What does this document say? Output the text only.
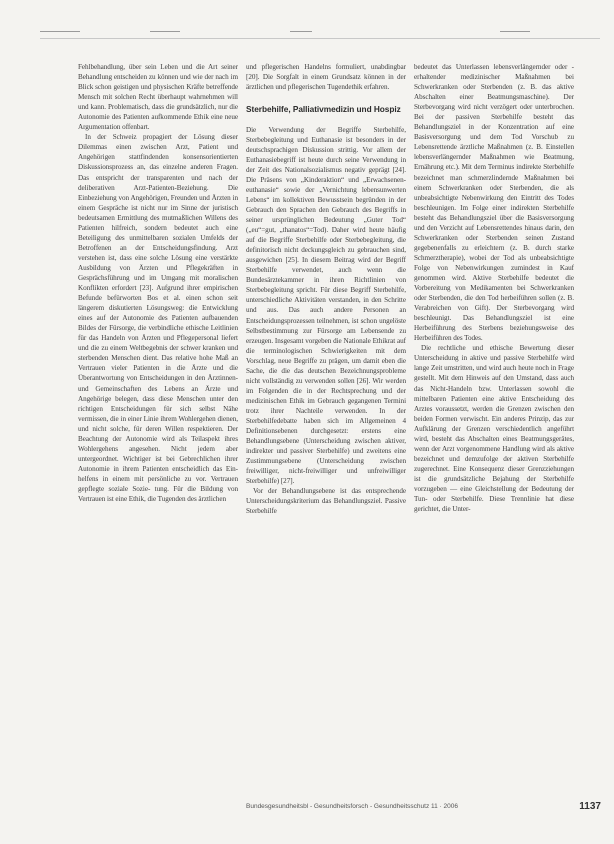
Fehlbehandlung, über sein Leben und die Art seiner Behandlung entscheiden zu können und wie der nach im Blick schon geistigen und physischen Kräfte betreffende Mensch mit solchen Recht überhaupt wahrnehmen will und kann. Problematisch, dass die grundsätzlich, nur die Autonomie des Patienten aufkommende Ethik eine neue Argumentation offenbart.

In der Schweiz propagiert der Lösung dieser Dilemmas einen zwischen Arzt, Patient und Angehörigen stattfindenden konsensorientierten Diskussionsprozess an, das einzelne anderen Fragen. Das entspricht der transparenten und nach der deliberativen Arzt-Patienten-Beziehung. Die Einbeziehung von Angehörigen, Freunden und Ärzten in einem Gespräche ist nicht nur im Sinne der juristisch bedeutsamen Ermittlung des mutmaßlichen Willens des Patienten hilfreich, sondern bedeutet auch eine Beteiligung des unmittelbaren sozialen Umfelds der Betroffenen an der Entscheidungsfindung. Arzt verstehen ist, dass eine solche Lösung eine verstärkte Ausbildung von Ärzten und Pflegekräften in Gesprächsführung und im Umgang mit moralischen Konflikten erfordert [23]. Aufgrund ihrer empirischen Befunde befürworten Bos et al. einen schon seit längerem diskutierten Lösungsweg: die Entwicklung eines auf der Autonomie des Patienten aufbauenden Bildes der Fürsorge, die verbindliche ethische Leitlinien für das Handeln von Ärzten und Pflegepersonal liefert und die zu einem Weltbegebnis der schwer kranken und sterbenden Menschen dient. Das relative hohe Maß an Vertrauen vieler Patienten in die Ärzte und die Überantwortung von Entscheidungen in den Ärztinnen- und Gemeinschaften des Lebens an Ärzte und Angehörige belegen, dass diese Menschen unter den richtigen Entscheidungen für sich selbst Nähe vermissen, die in einer Linie ihrem Wohlergehen dienen, und nicht solche, für deren Willen respektieren. Der Beachtung der Autonomie wird als Teilaspekt ihres Wohlergehens angesehen. Nicht jedem aber untergeordnet. Wichtiger ist bei Gebrechlichen ihrer Autonomie in ihrem Patienten entscheidlich das Ein- helfens in einem mit persönliche zu vor. Vertrauen gepflegte soziale Sozie- tung. Für die Bildung von Vertrauen ist eine Ethik, die Tugenden des ärztlichen

und pflegerischen Handelns formuliert, unabdingbar [20]. Die Sorgfalt in einem Grundsatz können in der ärztlichen und pflegerischen Tugendethik erfahren.

Sterbehilfe, Palliativmedizin und Hospiz

Die Verwendung der Begriffe Sterbehilfe, Sterbebegleitung und Euthanasie ist besonders in der deutschsprachigen Diskussion strittig. Vor allem der Euthanasiebegriff ist heute durch seine Verwendung in der Zeit des Nationalsozialismus negativ geprägt [24]. Die Präsens von „Kinderaktion“ und „Erwachsenen-euthanasie“ sowie der „Vernichtung lebensunwerten Lebens“ im kollektiven Bewusstsein begründen in der Gebrauch den Sprachen den Gebrauch des Begriffs in seiner ursprünglichen Bedeutung „Guter Tod“ („eu“=gut, „thanatos“=Tod). Daher wird heute häufig auf die Begriffe Sterbehilfe oder Sterbebegleitung, die definitorisch nicht deckungsgleich zu gebrauchen sind, ausgewichen [25]. In diesem Beitrag wird der Begriff Sterbehilfe verwendet, auch wenn die Bundesärztekammer in ihren Richtlinien von Sterbebegleitung spricht. Für diese Begriff Sterbehilfe, unterschiedliche Aktivitäten verstanden, in den Schritte und aus. Das auch andere Personen an Entscheidungsprozessen teilnehmen, ist schon ungelöste Selbstbestimmung zur Fürsorge am Lebensende zu erzeugen. Insgesamt vorgeben die Nationale Ethikrat auf die terminologischen Schwierigkeiten mit dem Vorschlag, neue Begriffe zu prägen, um damit eben die Sache, die die das deutschen Bezeichnungsprobleme nicht vollständig zu verwenden sollen [26]. Wir werden im Folgenden die in der Rechtsprechung und der medizinischen Ethik im Gebrauch gegangenen Termini trotz ihrer Nachteile verwenden. In der Sterbehilfedebatte haben sich im Allgemeinen 4 Definitionsebenen durchgesetzt: erstens eine Behandlungsebene (Unterscheidung zwischen aktiver, indirekter und passiver Sterbehilfe) und zweitens eine Zustimmungsebene (Unterscheidung zwischen freiwilliger, nicht-freiwilliger und unfreiwilliger Sterbehilfe) [27].

Vor der Behandlungsebene ist das entsprechende Unterscheidungskriterium das Behandlungsziel. Passive Sterbehilfe

bedeutet das Unterlassen lebensverlängernder oder -erhaltender medizinischer Maßnahmen bei Schwerkranken oder Sterbenden (z. B. das aktive Abschalten einer Beatmungsmaschine). Der Sterbevorgang wird nicht verzögert oder unterbrochen. Bei der passiven Sterbehilfe besteht das Behandlungsziel in der Konzentration auf eine Basisversorgung und dem Tod Vorschub zu Lebensrettende ärztliche Maßnahmen (z. B. Einstellen lebensverlängernder Maßnahmen wie Beatmung, Ernährung etc.). Mit dem Terminus indirekte Sterbehilfe bezeichnet man schmerzlindernde Maßnahmen bei einem Schwerkranken oder Sterbenden, die als unbeabsichtigte Nebenwirkung den Eintritt des Todes beschleunigen. Im Folge einer indirekten Sterbehilfe besteht das Behandlungsziel über die Basisversorgung und den Verzicht auf Lebensrettendes hinaus darin, den Schwerkranken oder Sterbenden seinen Zustand gegebenenfalls zu erleichtern (z. B. durch starke Schmerztherapie), wobei der Tod als unbeabsichtigte Folge von Nebenwirkungen zumindest in Kauf genommen wird. Aktive Sterbehilfe bedeutet die Vorbereitung von Medikamenten bei Schwerkranken oder Sterbenden, die den Tod herbeiführen sollen (z. B. Verabreichen von Gift). Der Sterbevorgang wird beschleunigt. Das Behandlungsziel ist eine Herbeiführung des Sterbens beziehungsweise des Herbeiführen des Todes.

Die rechtliche und ethische Bewertung dieser Unterscheidung in aktive und passive Sterbehilfe wird lange Zeit umstritten, und wird auch heute noch in Frage gestellt. Mit dem Hinweis auf den Umstand, dass auch das Nicht-Handeln bzw. Unterlassen sowohl die mittelbaren Patienten eine aktive Entscheidung des Arztes voraussetzt, werden die Grenzen zwischen den beiden Formen verwischt. Ein anderes Prinzip, das zur Aufklärung der Grenzen verschiedentlich angeführt wird, besteht das Abschalten eines Beatmungsgerätes, wenn der Arzt vorgenommene Handlung wird als aktive bezeichnet und demzufolge der aktiven Sterbehilfe zugerechnet. Eine Konsequenz dieser Grenzziehungen ist die grundsätzliche Bejahung der Sterbehilfe vorzugeben — eine Gleichstellung der Bedeutung der Tun- oder Sterbehilfe. Diese Trennlinie hat diese gerichtet, die Unter-

Bundesgesundheitsbl - Gesundheitsforsch - Gesundheitsschutz 11 · 2006	1137
